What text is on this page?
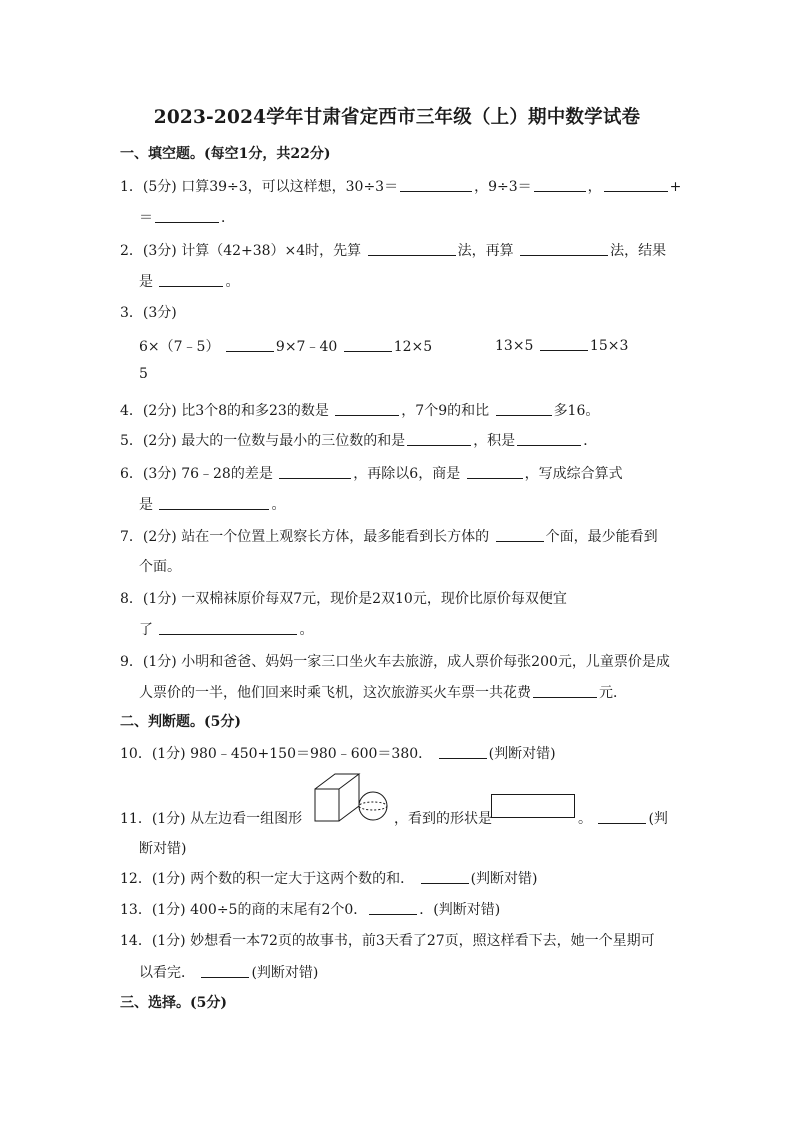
2023-2024学年甘肃省定西市三年级（上）期中数学试卷
一、填空题。(每空1分，共22分)
1．(5分) 口算39÷3，可以这样想，30÷3＝	，9÷3＝	，	+
＝	．
2．(3分) 计算（42+38）×4时，先算	法，再算	法，结果
是	。
3．(3分)
6×（7﹣5）	9×7﹣40	12×5	13×5	15×3
5
4．(2分) 比3个8的和多23的数是	，7个9的和比	多16。
5．(2分) 最大的一位数与最小的三位数的和是	，积是	．
6．(3分) 76﹣28的差是	，再除以6，商是	，写成综合算式
是	。
7．(2分) 站在一个位置上观察长方体，最多能看到长方体的	个面，最少能看到
个面。
8．(1分) 一双棉袜原价每双7元，现价是2双10元，现价比原价每双便宜
了	。
9．(1分) 小明和爸爸、妈妈一家三口坐火车去旅游，成人票价每张200元，儿童票价是成
人票价的一半，他们回来时乘飞机，这次旅游买火车票一共花费	元．
二、判断题。(5分)
10．(1分) 980﹣450+150＝980﹣600＝380．	(判断对错)
11．(1分) 从左边看一组图形	，看到的形状是	。	(判
断对错)
12．(1分) 两个数的积一定大于这两个数的和．	(判断对错)
13．(1分) 400÷5的商的末尾有2个0．	．(判断对错)
14．(1分) 妙想看一本72页的故事书，前3天看了27页，照这样看下去，她一个星期可
以看完．	(判断对错)
三、选择。(5分)
